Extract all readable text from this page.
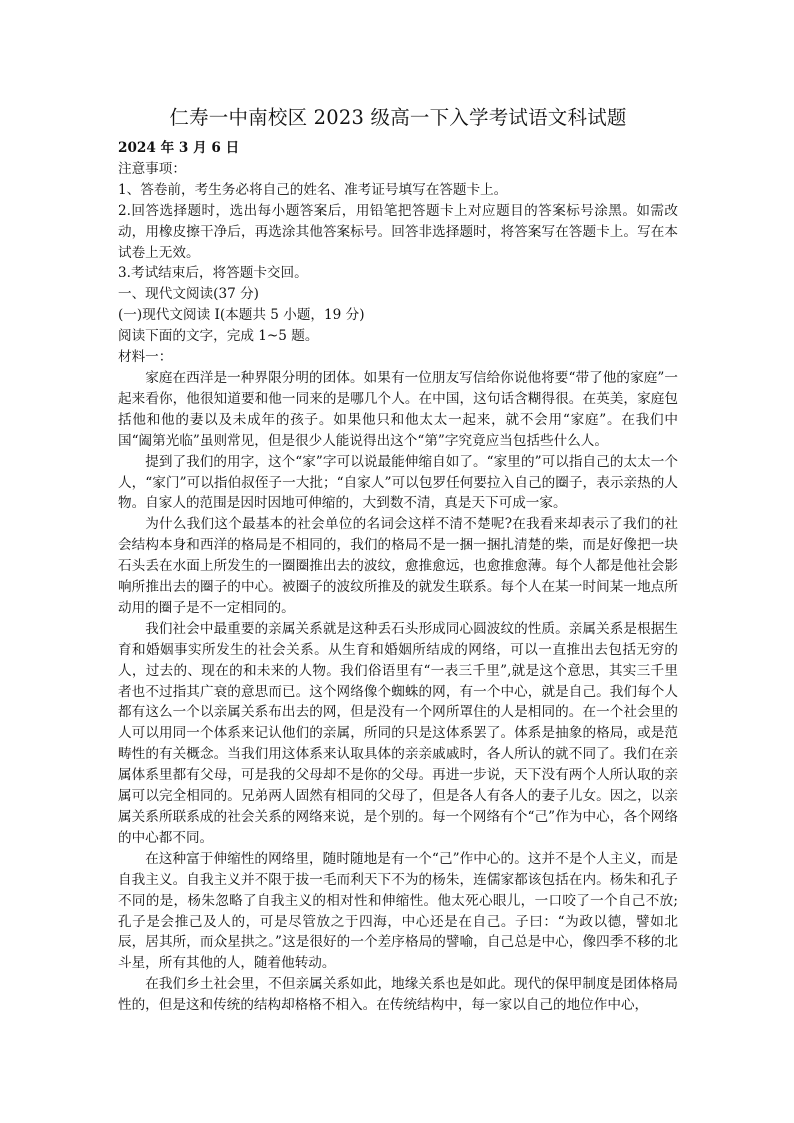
仁寿一中南校区 2023 级高一下入学考试语文科试题

2024 年 3 月 6 日

注意事项：

1、答卷前，考生务必将自己的姓名、准考证号填写在答题卡上。

2.回答选择题时，选出每小题答案后，用铅笔把答题卡上对应题目的答案标号涂黑。如需改动，用橡皮擦干净后，再选涂其他答案标号。回答非选择题时，将答案写在答题卡上。写在本试卷上无效。

3.考试结束后，将答题卡交回。

一、现代文阅读(37 分)

(一)现代文阅读 I(本题共 5 小题，19 分)

阅读下面的文字，完成 1~5 题。

材料一：

家庭在西洋是一种界限分明的团体。如果有一位朋友写信给你说他将要“带了他的家庭”一起来看你，他很知道要和他一同来的是哪几个人。在中国，这句话含糊得很。在英美，家庭包括他和他的妻以及未成年的孩子。如果他只和他太太一起来，就不会用“家庭”。在我们中国“阖第光临”虽则常见，但是很少人能说得出这个“第”字究竟应当包括些什么人。

提到了我们的用字，这个“家”字可以说最能伸缩自如了。“家里的”可以指自己的太太一个人，“家门”可以指伯叔侄子一大批；“自家人”可以包罗任何要拉入自己的圈子，表示亲热的人物。自家人的范围是因时因地可伸缩的，大到数不清，真是天下可成一家。

为什么我们这个最基本的社会单位的名词会这样不清不楚呢?在我看来却表示了我们的社会结构本身和西洋的格局是不相同的，我们的格局不是一捆一捆扎清楚的柴，而是好像把一块石头丢在水面上所发生的一圈圈推出去的波纹，愈推愈远，也愈推愈薄。每个人都是他社会影响所推出去的圈子的中心。被圈子的波纹所推及的就发生联系。每个人在某一时间某一地点所动用的圈子是不一定相同的。

我们社会中最重要的亲属关系就是这种丢石头形成同心圆波纹的性质。亲属关系是根据生育和婚姻事实所发生的社会关系。从生育和婚姻所结成的网络，可以一直推出去包括无穷的人，过去的、现在的和未来的人物。我们俗语里有“一表三千里”,就是这个意思，其实三千里者也不过指其广衰的意思而已。这个网络像个蜘蛛的网，有一个中心，就是自己。我们每个人都有这么一个以亲属关系布出去的网，但是没有一个网所罩住的人是相同的。在一个社会里的人可以用同一个体系来记认他们的亲属，所同的只是这体系罢了。体系是抽象的格局，或是范畴性的有关概念。当我们用这体系来认取具体的亲亲戚戚时，各人所认的就不同了。我们在亲属体系里都有父母，可是我的父母却不是你的父母。再进一步说，天下没有两个人所认取的亲属可以完全相同的。兄弟两人固然有相同的父母了，但是各人有各人的妻子儿女。因之，以亲属关系所联系成的社会关系的网络来说，是个别的。每一个网络有个“己”作为中心，各个网络的中心都不同。

在这种富于伸缩性的网络里，随时随地是有一个“己”作中心的。这并不是个人主义，而是自我主义。自我主义并不限于拔一毛而利天下不为的杨朱，连儒家都该包括在内。杨朱和孔子不同的是，杨朱忽略了自我主义的相对性和伸缩性。他太死心眼儿，一口咬了一个自己不放;孔子是会推己及人的，可是尽管放之于四海，中心还是在自己。子曰：“为政以德，譬如北辰，居其所，而众星拱之。”这是很好的一个差序格局的譬喻，自己总是中心，像四季不移的北斗星，所有其他的人，随着他转动。

在我们乡土社会里，不但亲属关系如此，地缘关系也是如此。现代的保甲制度是团体格局性的，但是这和传统的结构却格格不相入。在传统结构中，每一家以自己的地位作中心，
